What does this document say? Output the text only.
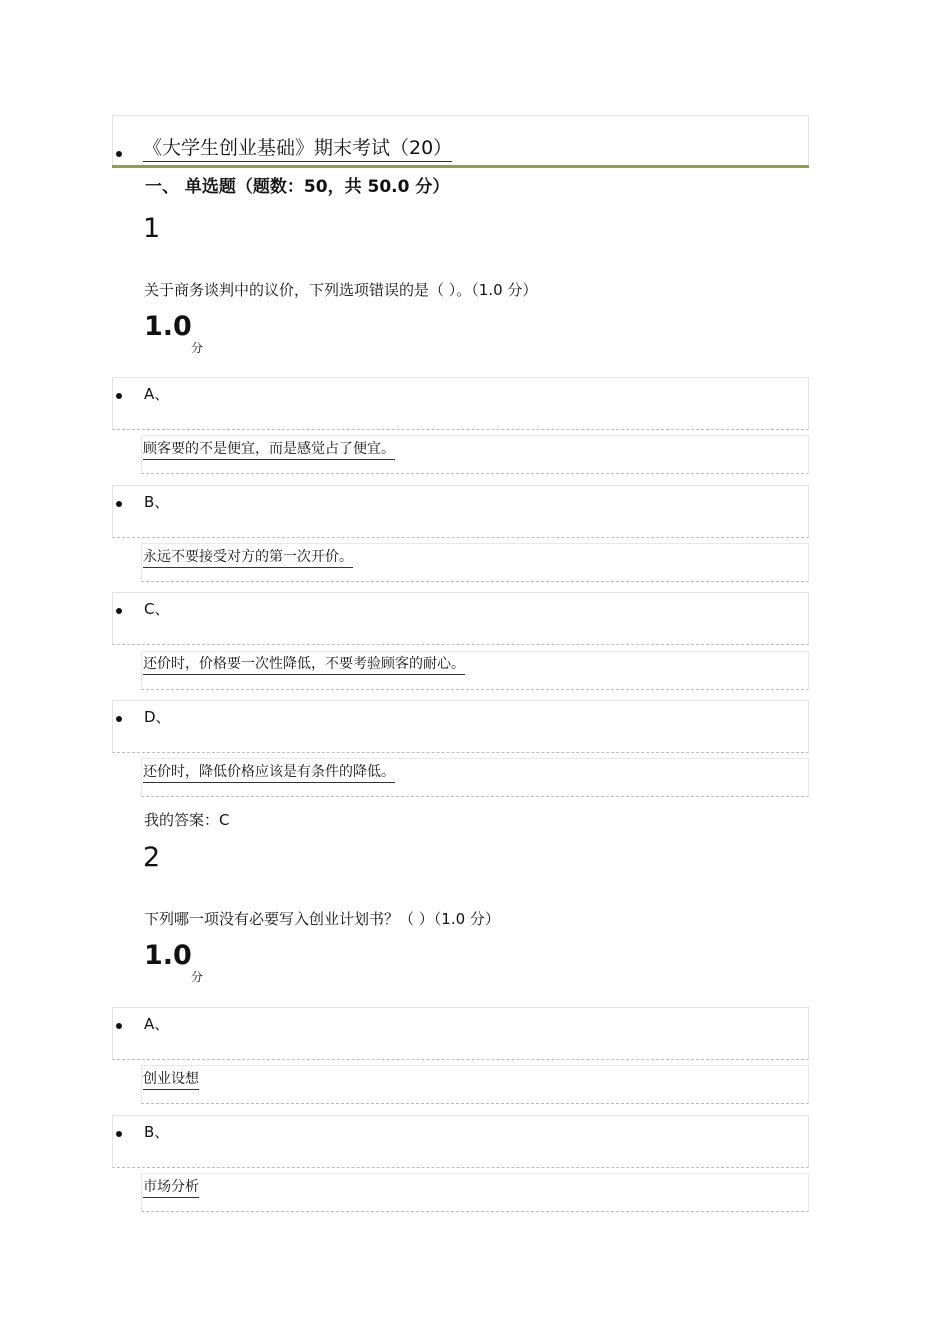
《大学生创业基础》期末考试（20）
一、 单选题（题数：50，共 50.0 分）
1
关于商务谈判中的议价，下列选项错误的是（ ）。（1.0 分）
1.0
分
A、
顾客要的不是便宜，而是感觉占了便宜。
B、
永远不要接受对方的第一次开价。
C、
还价时，价格要一次性降低，不要考验顾客的耐心。
D、
还价时，降低价格应该是有条件的降低。
我的答案：C
2
下列哪一项没有必要写入创业计划书？（ ）（1.0 分）
1.0
分
A、
创业设想
B、
市场分析
